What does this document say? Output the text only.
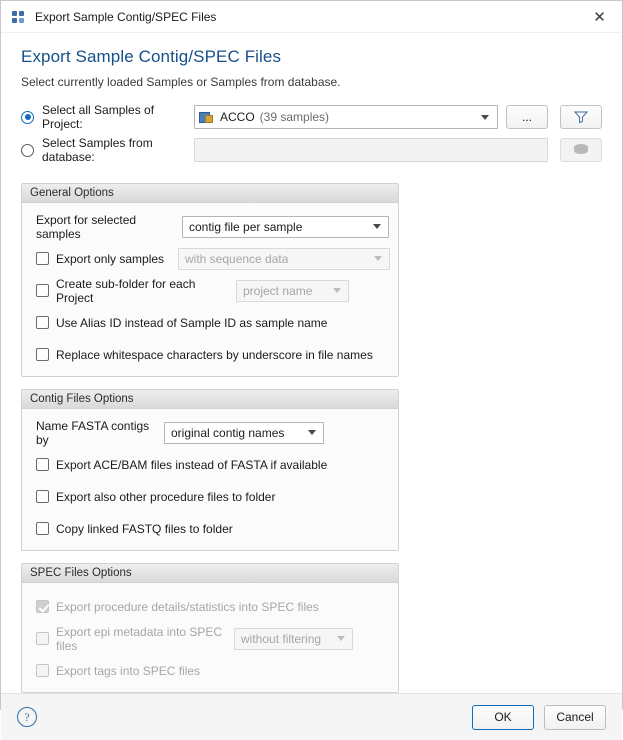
Export Sample Contig/SPEC Files	✕
Export Sample Contig/SPEC Files

Select currently loaded Samples or Samples from database.

Select all Samples of Project:	ACCO (39 samples)	...
Select Samples from database:
General Options
Export for selected samples	contig file per sample
Export only samples	with sequence data
Create sub-folder for each Project	project name
Use Alias ID instead of Sample ID as sample name
Replace whitespace characters by underscore in file names
Contig Files Options
Name FASTA contigs by	original contig names
Export ACE/BAM files instead of FASTA if available
Export also other procedure files to folder
Copy linked FASTQ files to folder
SPEC Files Options
Export procedure details/statistics into SPEC files
Export epi metadata into SPEC files	without filtering
Export tags into SPEC files
?	OK	Cancel
